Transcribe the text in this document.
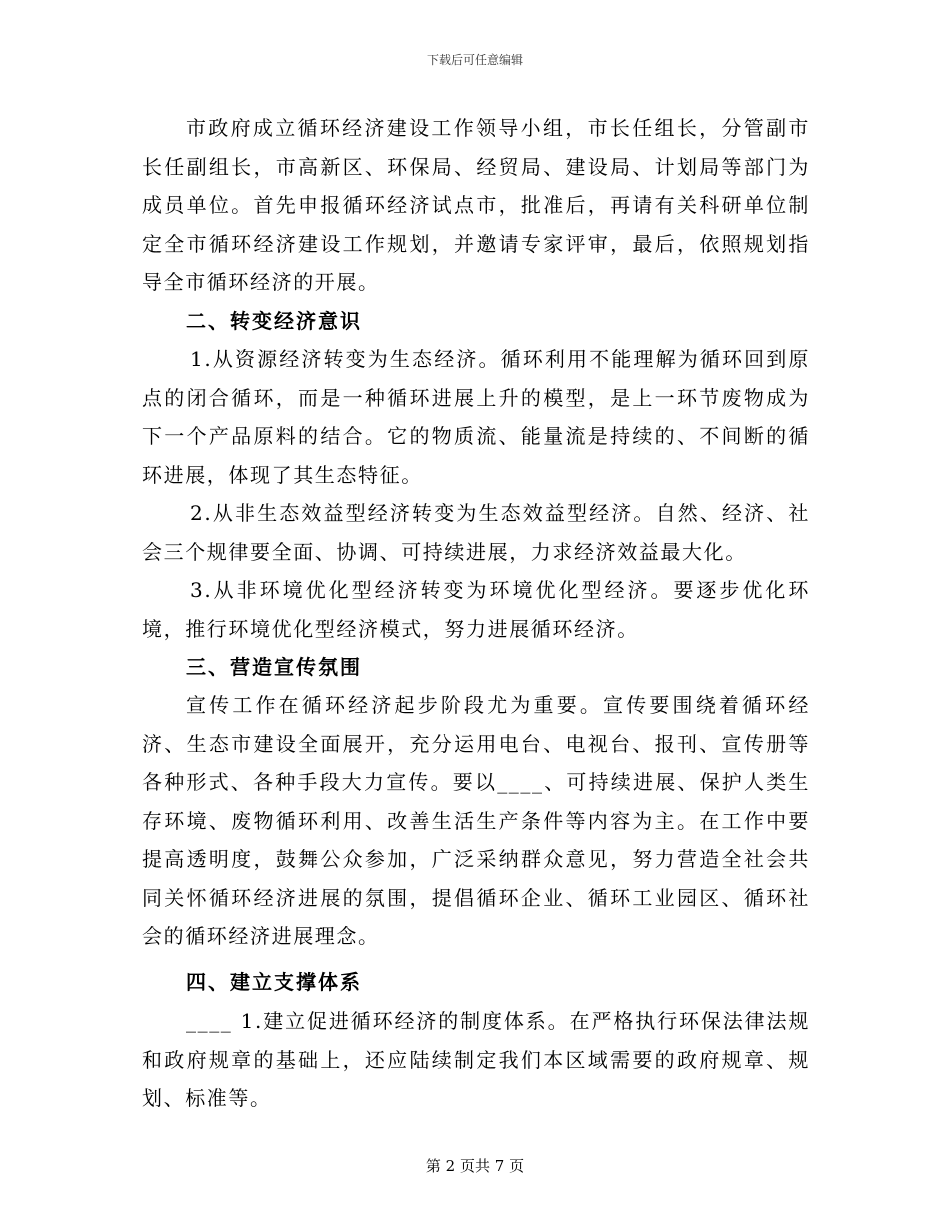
下载后可任意编辑

市政府成立循环经济建设工作领导小组，市长任组长，分管副市长任副组长，市高新区、环保局、经贸局、建设局、计划局等部门为成员单位。首先申报循环经济试点市，批准后，再请有关科研单位制定全市循环经济建设工作规划，并邀请专家评审，最后，依照规划指导全市循环经济的开展。

二、转变经济意识

1.从资源经济转变为生态经济。循环利用不能理解为循环回到原点的闭合循环，而是一种循环进展上升的模型，是上一环节废物成为下一个产品原料的结合。它的物质流、能量流是持续的、不间断的循环进展，体现了其生态特征。

2.从非生态效益型经济转变为生态效益型经济。自然、经济、社会三个规律要全面、协调、可持续进展，力求经济效益最大化。

3.从非环境优化型经济转变为环境优化型经济。要逐步优化环境，推行环境优化型经济模式，努力进展循环经济。

三、营造宣传氛围

宣传工作在循环经济起步阶段尤为重要。宣传要围绕着循环经济、生态市建设全面展开，充分运用电台、电视台、报刊、宣传册等各种形式、各种手段大力宣传。要以____、可持续进展、保护人类生存环境、废物循环利用、改善生活生产条件等内容为主。在工作中要提高透明度，鼓舞公众参加，广泛采纳群众意见，努力营造全社会共同关怀循环经济进展的氛围，提倡循环企业、循环工业园区、循环社会的循环经济进展理念。

四、建立支撑体系

____ 1.建立促进循环经济的制度体系。在严格执行环保法律法规和政府规章的基础上，还应陆续制定我们本区域需要的政府规章、规划、标准等。

第 2 页共 7 页
